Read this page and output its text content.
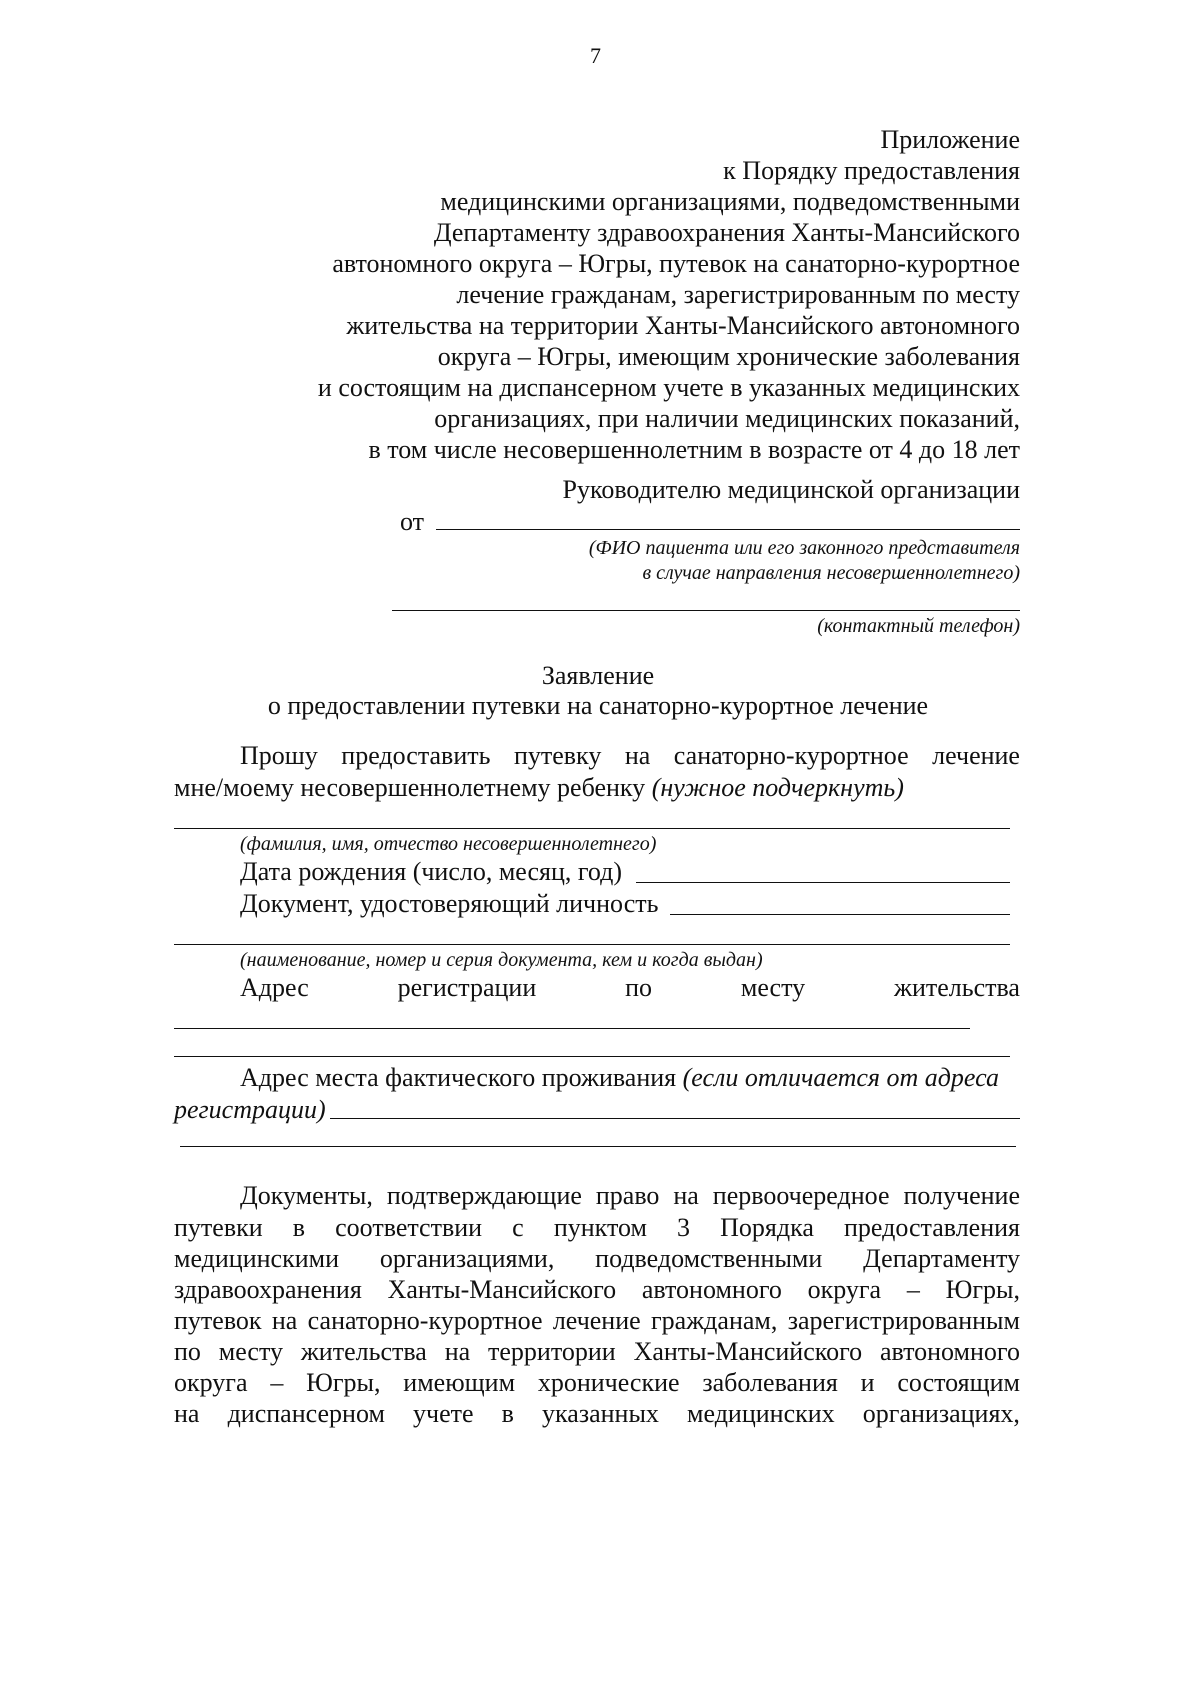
7
Приложение
к Порядку предоставления
медицинскими организациями, подведомственными
Департаменту здравоохранения Ханты-Мансийского
автономного округа – Югры, путевок на санаторно-курортное
лечение гражданам, зарегистрированным по месту
жительства на территории Ханты-Мансийского автономного
округа – Югры, имеющим хронические заболевания
и состоящим на диспансерном учете в указанных медицинских
организациях, при наличии медицинских показаний,
в том числе несовершеннолетним в возрасте от 4 до 18 лет
Руководителю медицинской организации
от
(ФИО пациента или его законного представителя
в случае направления несовершеннолетнего)
(контактный телефон)
Заявление
о предоставлении путевки на санаторно-курортное лечение
Прошу предоставить путевку на санаторно-курортное лечение
мне/моему несовершеннолетнему ребенку (нужное подчеркнуть)
(фамилия, имя, отчество несовершеннолетнего)
Дата рождения (число, месяц, год)
Документ, удостоверяющий личность
(наименование, номер и серия документа, кем и когда выдан)
Адрес	регистрации	по	месту	жительства
Адрес места фактического проживания (если отличается от адреса
регистрации)
Документы, подтверждающие право на первоочередное получение
путевки в соответствии с пунктом 3 Порядка предоставления
медицинскими организациями, подведомственными Департаменту
здравоохранения Ханты-Мансийского автономного округа – Югры,
путевок на санаторно-курортное лечение гражданам, зарегистрированным
по месту жительства на территории Ханты-Мансийского автономного
округа – Югры, имеющим хронические заболевания и состоящим
на диспансерном учете в указанных медицинских организациях,
